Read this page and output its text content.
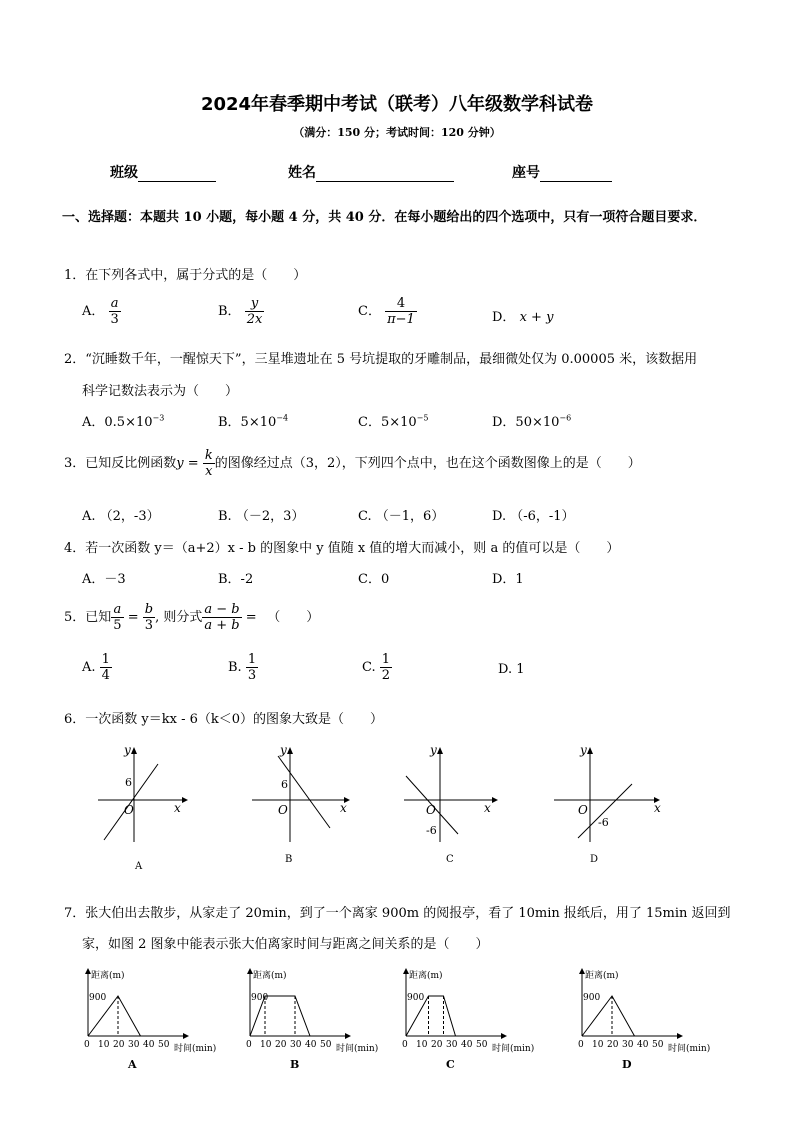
2024年春季期中考试（联考）八年级数学科试卷
（满分：150 分；考试时间：120 分钟）
班级	姓名	座号
一、选择题：本题共 10 小题，每小题 4 分，共 40 分．在每小题给出的四个选项中，只有一项符合题目要求．
1．在下列各式中，属于分式的是（　　）
A． $\frac{a}{3}$	B． $\frac{y}{2x}$	C． $\frac{4}{\pi-1}$	D． x + y
2．“沉睡数千年，一醒惊天下”，三星堆遗址在 5 号坑提取的牙雕制品，最细微处仅为 0.00005 米，该数据用
科学记数法表示为（　　）
A．$0.5\times 10^{-3}$	B．$5\times 10^{-4}$	C．$5\times 10^{-5}$	D．$50\times 10^{-6}$
3．已知反比例函数$y = \frac{k}{x}$ 的图像经过点（3，2），下列四个点中，也在这个函数图像上的是（　　）
A. （2，-3）	B. （－2，3）	C. （－1，6）	D. （-6，-1）
4．若一次函数 y＝（a+2）x - b 的图象中 y 值随 x 值的增大而减小，则 a 的值可以是（　　）
A．－3	B．-2	C．0	D．1
5．已知 $\frac{a}{5} = \frac{b}{3}$ , 则分式 $\frac{a - b}{a + b}$ = 　（　　）
A. $\frac{1}{4}$	B. $\frac{1}{3}$	C. $\frac{1}{2}$	D. 1
6．一次函数 y＝kx - 6（k＜0）的图象大致是（　　）
y
x
O
6
A
y
x
O
6
B
y
x
O
-6
C
y
x
O
-6
D
7．张大伯出去散步，从家走了 20min，到了一个离家 900m 的阅报亭，看了 10min 报纸后，用了 15min 返回到
家，如图 2 图象中能表示张大伯离家时间与距离之间关系的是（　　）
距离(m)
900
0 10 20 30 40 50 时间(min)
A
距离(m)
900
0 10 20 30 40 50 时间(min)
B
距离(m)
900
0 10 20 30 40 50 时间(min)
C
距离(m)
900
0 10 20 30 40 50 时间(min)
D
